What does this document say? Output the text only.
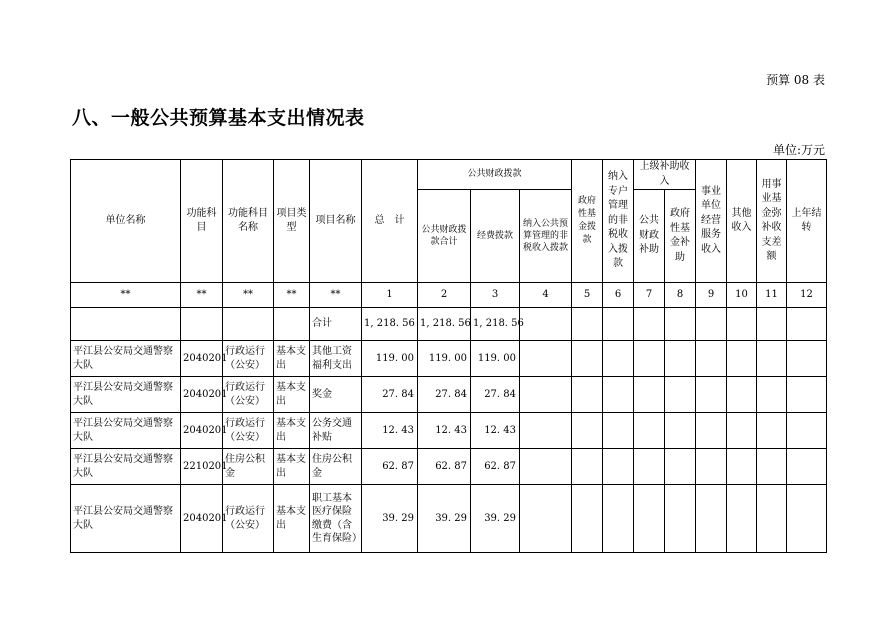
预算 08 表
八、一般公共预算基本支出情况表
单位:万元
单位名称	功能科目	功能科目名称	项目类型	项目名称	总　计	公共财政拨款			政府性基金拨款	纳入专户管理的非税收入拨款	上级补助收入		事业单位经营服务收入	其他收入	用事业基金弥补收支差额	上年结转
						公共财政拨款合计	经费拨款	纳入公共预算管理的非税收入拨款			公共财政补助	政府性基金补助				
**	**	**	**	**	1	2	3	4	5	6	7	8	9	10	11	12
				合计	1, 218. 56	1, 218. 56	1, 218. 56									
平江县公安局交通警察大队	2040201	行政运行（公安）	基本支出	其他工资福利支出	119. 00	119. 00	119. 00									
平江县公安局交通警察大队	2040201	行政运行（公安）	基本支出	奖金	27. 84	27. 84	27. 84									
平江县公安局交通警察大队	2040201	行政运行（公安）	基本支出	公务交通补贴	12. 43	12. 43	12. 43									
平江县公安局交通警察大队	2210201	住房公积金	基本支出	住房公积金	62. 87	62. 87	62. 87									
平江县公安局交通警察大队	2040201	行政运行（公安）	基本支出	职工基本医疗保险缴费（含生育保险）	39. 29	39. 29	39. 29									
